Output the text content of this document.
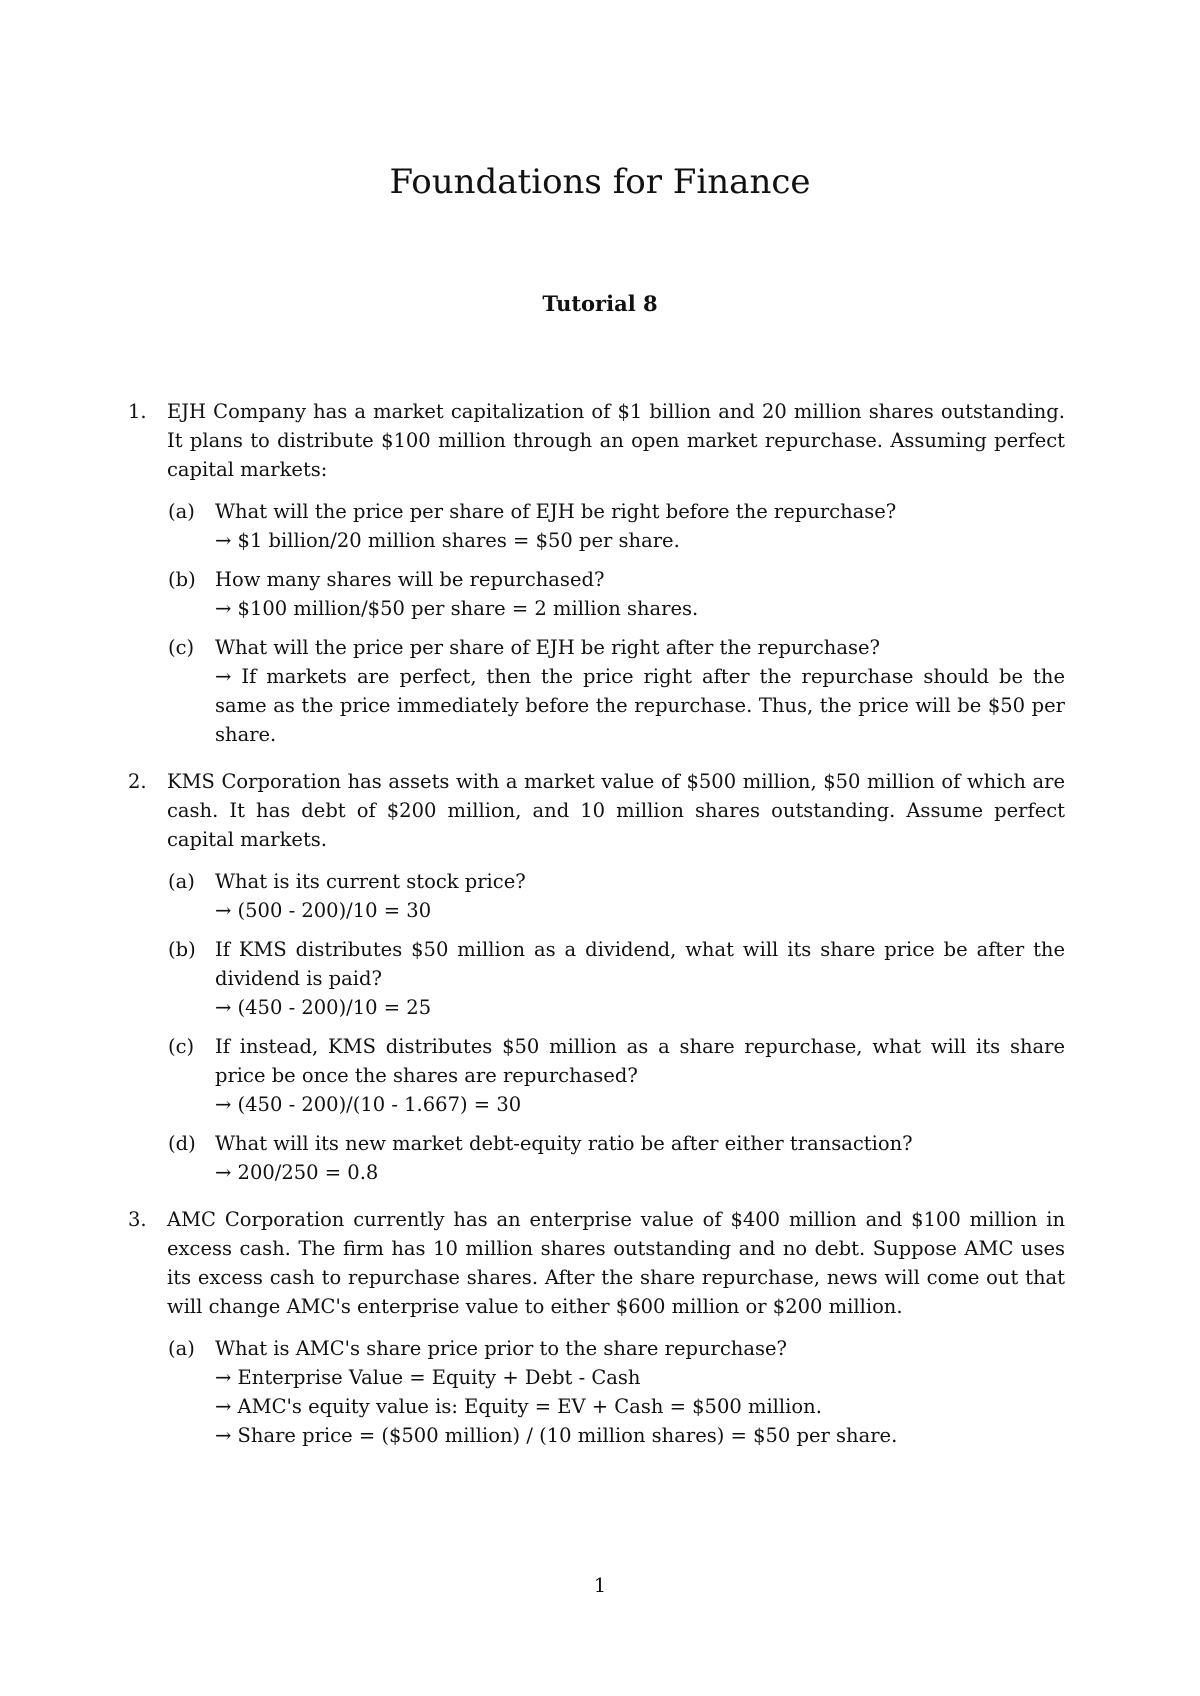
Foundations for Finance
Tutorial 8
1. EJH Company has a market capitalization of $1 billion and 20 million shares outstanding. It plans to distribute $100 million through an open market repurchase. Assuming perfect capital markets:

(a) What will the price per share of EJH be right before the repurchase?

→ $1 billion/20 million shares = $50 per share.

(b) How many shares will be repurchased?

→ $100 million/$50 per share = 2 million shares.

(c) What will the price per share of EJH be right after the repurchase?

→ If markets are perfect, then the price right after the repurchase should be the same as the price immediately before the repurchase. Thus, the price will be $50 per share.

2. KMS Corporation has assets with a market value of $500 million, $50 million of which are cash. It has debt of $200 million, and 10 million shares outstanding. Assume perfect capital markets.

(a) What is its current stock price?

→ (500 - 200)/10 = 30

(b) If KMS distributes $50 million as a dividend, what will its share price be after the dividend is paid?

→ (450 - 200)/10 = 25

(c) If instead, KMS distributes $50 million as a share repurchase, what will its share price be once the shares are repurchased?

→ (450 - 200)/(10 - 1.667) = 30

(d) What will its new market debt-equity ratio be after either transaction?

→ 200/250 = 0.8

3. AMC Corporation currently has an enterprise value of $400 million and $100 million in excess cash. The firm has 10 million shares outstanding and no debt. Suppose AMC uses its excess cash to repurchase shares. After the share repurchase, news will come out that will change AMC's enterprise value to either $600 million or $200 million.

(a) What is AMC's share price prior to the share repurchase?

→ Enterprise Value = Equity + Debt - Cash

→ AMC's equity value is: Equity = EV + Cash = $500 million.

→ Share price = ($500 million) / (10 million shares) = $50 per share.

1
